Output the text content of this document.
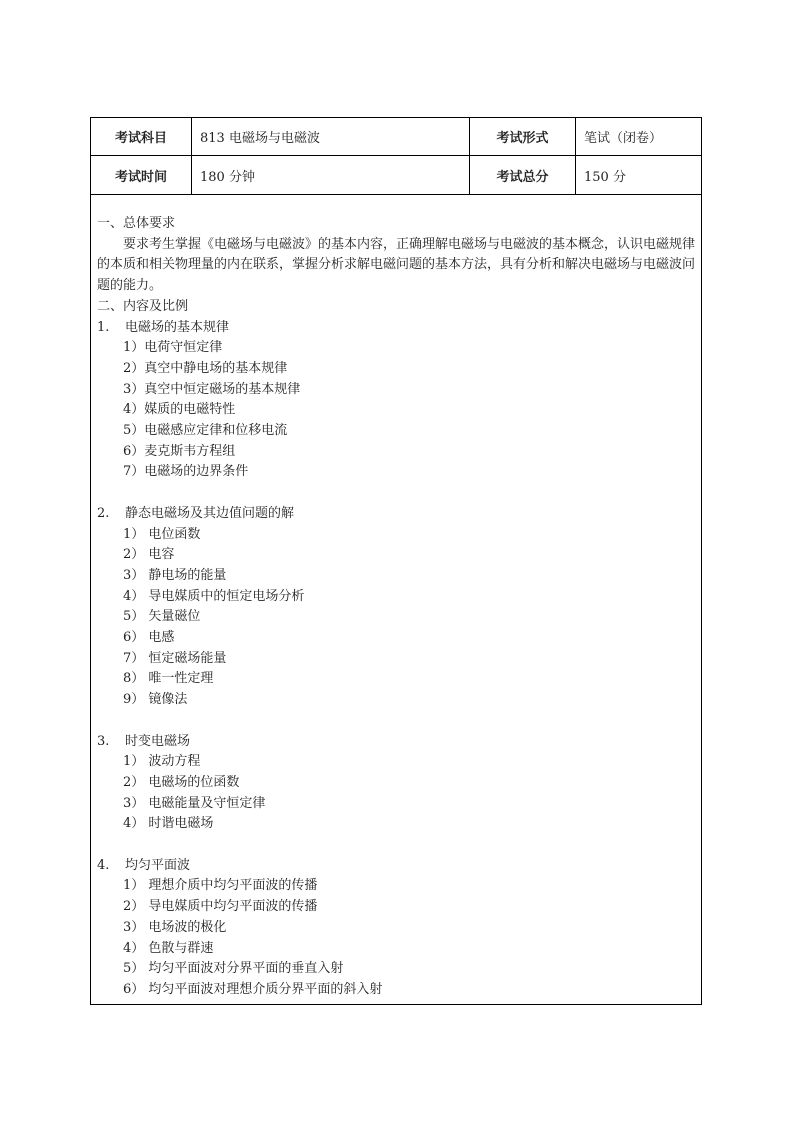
考试科目	813 电磁场与电磁波	考试形式	笔试（闭卷）
考试时间	180 分钟	考试总分	150 分
一、总体要求
要求考生掌握《电磁场与电磁波》的基本内容，正确理解电磁场与电磁波的基本概念，认识电磁规律的本质和相关物理量的内在联系，掌握分析求解电磁问题的基本方法，具有分析和解决电磁场与电磁波问题的能力。
二、内容及比例
1.	电磁场的基本规律
1）电荷守恒定律
2）真空中静电场的基本规律
3）真空中恒定磁场的基本规律
4）媒质的电磁特性
5）电磁感应定律和位移电流
6）麦克斯韦方程组
7）电磁场的边界条件
2.	静态电磁场及其边值问题的解
1） 电位函数
2） 电容
3） 静电场的能量
4） 导电媒质中的恒定电场分析
5） 矢量磁位
6） 电感
7） 恒定磁场能量
8） 唯一性定理
9） 镜像法
3.	时变电磁场
1） 波动方程
2） 电磁场的位函数
3） 电磁能量及守恒定律
4） 时谐电磁场
4.	均匀平面波
1） 理想介质中均匀平面波的传播
2） 导电媒质中均匀平面波的传播
3） 电场波的极化
4） 色散与群速
5） 均匀平面波对分界平面的垂直入射
6） 均匀平面波对理想介质分界平面的斜入射
